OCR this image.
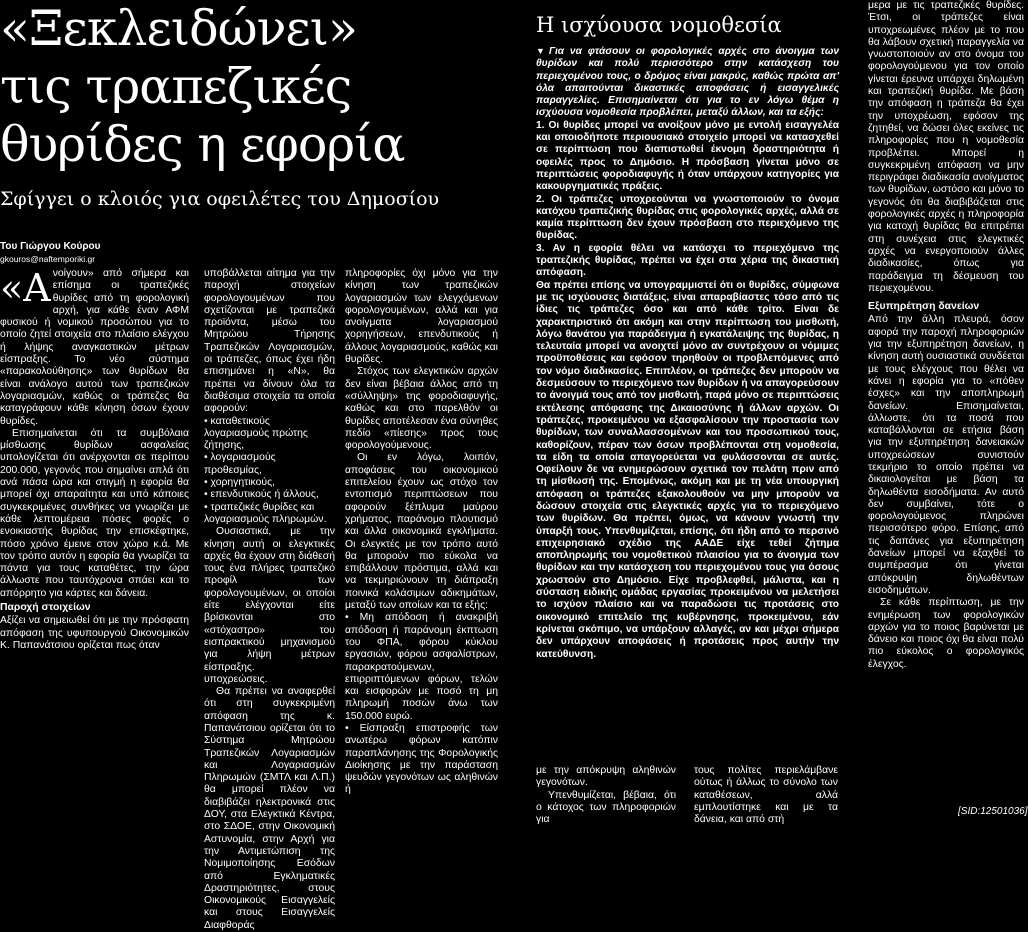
«Ξεκλειδώνει»
τις τραπεζικές
θυρίδες η εφορία
Σφίγγει ο κλοιός για οφειλέτες του Δημοσίου
Του Γιώργου Κούρου
gkouros@naftemporiki.gr

«Ανοίγουν» από σήμερα και επίσημα οι τραπεζικές θυρίδες από τη φορολογική αρχή, για κάθε έναν ΑΦΜ φυσικού ή νομικού προσώπου για το οποίο ζητεί στοιχεία στο πλαίσιο ελέγχου ή λήψης αναγκαστικών μέτρων είσπραξης. Το νέο σύστημα «παρακολούθησης» των θυρίδων θα είναι ανάλογο αυτού των τραπεζικών λογαριασμών, καθώς οι τράπεζες θα καταγράφουν κάθε κίνηση όσων έχουν θυρίδες.

Επισημαίνεται ότι τα συμβόλαια μίσθωσης θυρίδων ασφαλείας υπολογίζεται ότι ανέρχονται σε περίπου 200.000, γεγονός που σημαίνει απλά ότι ανά πάσα ώρα και στιγμή η εφορία θα μπορεί όχι απαραίτητα και υπό κάποιες συγκεκριμένες συνθήκες να γνωρίζει με κάθε λεπτομέρεια πόσες φορές ο ενοικιαστής θυρίδας την επισκέφτηκε, πόσο χρόνο έμεινε στον χώρο κ.ά. Με τον τρόπο αυτόν η εφορία θα γνωρίζει τα πάντα για τους καταθέτες, την ώρα άλλωστε που ταυτόχρονα σπάει και το απόρρητο για κάρτες και δάνεια.

Παροχή στοιχείων

Αξίζει να σημειωθεί ότι με την πρόσφατη απόφαση της υφυπουργού Οικονομικών Κ. Παπανάτσιου ορίζεται πως όταν

υποβάλλεται αίτημα για την παροχή στοιχείων φορολογουμένων που σχετίζονται με τραπεζικά προϊόντα, μέσω του Μητρώου Τήρησης Τραπεζικών Λογαριασμών, οι τράπεζες, όπως έχει ήδη επισημάνει η «Ν», θα πρέπει να δίνουν όλα τα διαθέσιμα στοιχεία τα οποία αφορούν:

• καταθετικούς λογαριασμούς πρώτης ζήτησης,
• λογαριασμούς προθεσμίας,
• χορηγητικούς,
• επενδυτικούς ή άλλους,
• τραπεζικές θυρίδες και λογαριασμούς πληρωμών.

Ουσιαστικά, με την κίνηση αυτή οι ελεγκτικές αρχές θα έχουν στη διάθεσή τους ένα πλήρες τραπεζικό προφίλ των φορολογουμένων, οι οποίοι είτε ελέγχονται είτε βρίσκονται στο «στόχαστρο» του εισπρακτικού μηχανισμού για λήψη μέτρων είσπραξης.

υποχρεώσεις.

Θα πρέπει να αναφερθεί ότι στη συγκεκριμένη απόφαση της κ. Παπανάτσιου ορίζεται ότι το Σύστημα Μητρώου Τραπεζικών Λογαριασμών και Λογαριασμών Πληρωμών (ΣΜΤΛ και Λ.Π.) θα μπορεί πλέον να διαβιβάζει ηλεκτρονικά στις ΔΟΥ, στα Ελεγκτικά Κέντρα, στο ΣΔΟΕ, στην Οικονομική Αστυνομία, στην Αρχή για την Αντιμετώπιση της Νομιμοποίησης Εσόδων από Εγκληματικές Δραστηριότητες, στους Οικονομικούς Εισαγγελείς και στους Εισαγγελείς Διαφθοράς

πληροφορίες όχι μόνο για την κίνηση των τραπεζικών λογαριασμών των ελεγχόμενων φορολογουμένων, αλλά και για ανοίγματα λογαριασμού χορηγήσεων, επενδυτικούς ή άλλους λογαριασμούς, καθώς και θυρίδες.

Στόχος των ελεγκτικών αρχών δεν είναι βέβαια άλλος από τη «σύλληψη» της φοροδιαφυγής, καθώς και στο παρελθόν οι θυρίδες αποτέλεσαν ένα σύνηθες πεδίο «πίεσης» προς τους φορολογούμενους.

Οι εν λόγω, λοιπόν, αποφάσεις του οικονομικού επιτελείου έχουν ως στόχο τον εντοπισμό περιπτώσεων που αφορούν ξέπλυμα μαύρου χρήματος, παράνομο πλουτισμό και άλλα οικονομικά εγκλήματα. Οι ελεγκτές με τον τρόπο αυτό θα μπορούν πιο εύκολα να επιβάλλουν πρόστιμα, αλλά και να τεκμηριώνουν τη διάπραξη ποινικά κολάσιμων αδικημάτων, μεταξύ των οποίων και τα εξής:

• Μη απόδοση ή ανακριβή απόδοση ή παράνομη έκπτωση του ΦΠΑ, φόρου κύκλου εργασιών, φόρου ασφαλίστρων, παρακρατούμενων, επιρριπτόμενων φόρων, τελών και εισφορών με ποσό τη μη πληρωμή ποσών άνω των 150.000 ευρώ.

• Είσπραξη επιστροφής των ανωτέρω φόρων κατόπιν παραπλάνησης της Φορολογικής Διοίκησης με την παράσταση ψευδών γεγονότων ως αληθινών ή

Η ισχύουσα νομοθεσία

▼ Για να φτάσουν οι φορολογικές αρχές στο άνοιγμα των θυρίδων και πολύ περισσότερο στην κατάσχεση του περιεχομένου τους, ο δρόμος είναι μακρύς, καθώς πρώτα απ' όλα απαιτούνται δικαστικές αποφάσεις ή εισαγγελικές παραγγελίες. Επισημαίνεται ότι για το εν λόγω θέμα η ισχύουσα νομοθεσία προβλέπει, μεταξύ άλλων, και τα εξής:

1. Οι θυρίδες μπορεί να ανοίξουν μόνο με εντολή εισαγγελέα και οποιοδήποτε περιουσιακό στοιχείο μπορεί να κατασχεθεί σε περίπτωση που διαπιστωθεί έκνομη δραστηριότητα ή οφειλές προς το Δημόσιο. Η πρόσβαση γίνεται μόνο σε περιπτώσεις φοροδιαφυγής ή όταν υπάρχουν κατηγορίες για κακουργηματικές πράξεις.

2. Οι τράπεζες υποχρεούνται να γνωστοποιούν το όνομα κατόχου τραπεζικής θυρίδας στις φορολογικές αρχές, αλλά σε καμία περίπτωση δεν έχουν πρόσβαση στο περιεχόμενο της θυρίδας.

3. Αν η εφορία θέλει να κατάσχει το περιεχόμενο της τραπεζικής θυρίδας, πρέπει να έχει στα χέρια της δικαστική απόφαση.

Θα πρέπει επίσης να υπογραμμιστεί ότι οι θυρίδες, σύμφωνα με τις ισχύουσες διατάξεις, είναι απαραβίαστες τόσο από τις ίδιες τις τράπεζες όσο και από κάθε τρίτο. Είναι δε χαρακτηριστικό ότι ακόμη και στην περίπτωση του μισθωτή, λόγω θανάτου για παράδειγμα ή εγκατάλειψης της θυρίδας, η τελευταία μπορεί να ανοιχτεί μόνο αν συντρέχουν οι νόμιμες προϋποθέσεις και εφόσον τηρηθούν οι προβλεπόμενες από τον νόμο διαδικασίες. Επιπλέον, οι τράπεζες δεν μπορούν να δεσμεύσουν το περιεχόμενο των θυρίδων ή να απαγορεύσουν το άνοιγμά τους από τον μισθωτή, παρά μόνο σε περιπτώσεις εκτέλεσης απόφασης της Δικαιοσύνης ή άλλων αρχών. Οι τράπεζες, προκειμένου να εξασφαλίσουν την προστασία των θυρίδων, των συναλλασσομένων και του προσωπικού τους, καθορίζουν, πέραν των όσων προβλέπονται στη νομοθεσία, τα είδη τα οποία απαγορεύεται να φυλάσσονται σε αυτές. Οφείλουν δε να ενημερώσουν σχετικά τον πελάτη πριν από τη μίσθωσή της. Επομένως, ακόμη και με τη νέα υπουργική απόφαση οι τράπεζες εξακολουθούν να μην μπορούν να δώσουν στοιχεία στις ελεγκτικές αρχές για το περιεχόμενο των θυρίδων. Θα πρέπει, όμως, να κάνουν γνωστή την ύπαρξή τους. Υπενθυμίζεται, επίσης, ότι ήδη από το περσινό επιχειρησιακό σχέδιο της ΑΑΔΕ είχε τεθεί ζήτημα αποπληρωμής του νομοθετικού πλαισίου για το άνοιγμα των θυρίδων και την κατάσχεση του περιεχομένου τους για όσους χρωστούν στο Δημόσιο. Είχε προβλεφθεί, μάλιστα, και η σύσταση ειδικής ομάδας εργασίας προκειμένου να μελετήσει το ισχύον πλαίσιο και να παραδώσει τις προτάσεις στο οικονομικό επιτελείο της κυβέρνησης, προκειμένου, εάν κρίνεται σκόπιμο, να υπάρξουν αλλαγές, αν και μέχρι σήμερα δεν υπάρχουν αποφάσεις ή προτάσεις προς αυτήν την κατεύθυνση.

με την απόκρυψη αληθινών γεγονότων.

Υπενθυμίζεται, βέβαια, ότι ο κάτοχος των πληροφοριών για

τους πολίτες περιελάμβανε ούτως ή άλλως το σύνολο των καταθέσεων, αλλά εμπλουτίστηκε και με τα δάνεια, και από στή

μερα με τις τραπεζικές θυρίδες. Έτσι, οι τράπεζες είναι υποχρεωμένες πλέον με το που θα λάβουν σχετική παραγγελία να γνωστοποιούν αν στο όνομα του φορολογούμενου για τον οποίο γίνεται έρευνα υπάρχει δηλωμένη και τραπεζική θυρίδα. Με βάση την απόφαση η τράπεζα θα έχει την υποχρέωση, εφόσον της ζητηθεί, να δώσει όλες εκείνες τις πληροφορίες που η νομοθεσία προβλέπει. Μπορεί η συγκεκριμένη απόφαση να μην περιγράφει διαδικασία ανοίγματος των θυρίδων, ωστόσο και μόνο το γεγονός ότι θα διαβιβάζεται στις φορολογικές αρχές η πληροφορία για κατοχή θυρίδας θα επιτρέπει στη συνέχεια στις ελεγκτικές αρχές να ενεργοποιούν άλλες διαδικασίες, όπως για παράδειγμα τη δέσμευση του περιεχομένου.

Εξυπηρέτηση δανείων

Από την άλλη πλευρά, όσον αφορά την παροχή πληροφοριών για την εξυπηρέτηση δανείων, η κίνηση αυτή ουσιαστικά συνδέεται με τους ελέγχους που θέλει να κάνει η εφορία για το «πόθεν έσχες» και την αποπληρωμή δανείων. Επισημαίνεται, άλλωστε, ότι τα ποσά που καταβάλλονται σε ετήσια βάση για την εξυπηρέτηση δανειακών υποχρεώσεων συνιστούν τεκμήριο το οποίο πρέπει να δικαιολογείται με βάση τα δηλωθέντα εισοδήματα. Αν αυτό δεν συμβαίνει, τότε ο φορολογούμενος πληρώνει περισσότερο φόρο. Επίσης, από τις δαπάνες για εξυπηρέτηση δανείων μπορεί να εξαχθεί το συμπέρασμα ότι γίνεται απόκρυψη δηλωθέντων εισοδημάτων.

Σε κάθε περίπτωση, με την ενημέρωση των φορολογικών αρχών για το ποιος βαρύνεται με δάνειο και ποιος όχι θα είναι πολύ πιο εύκολος ο φορολογικός έλεγχος.

[SID:12501036]
